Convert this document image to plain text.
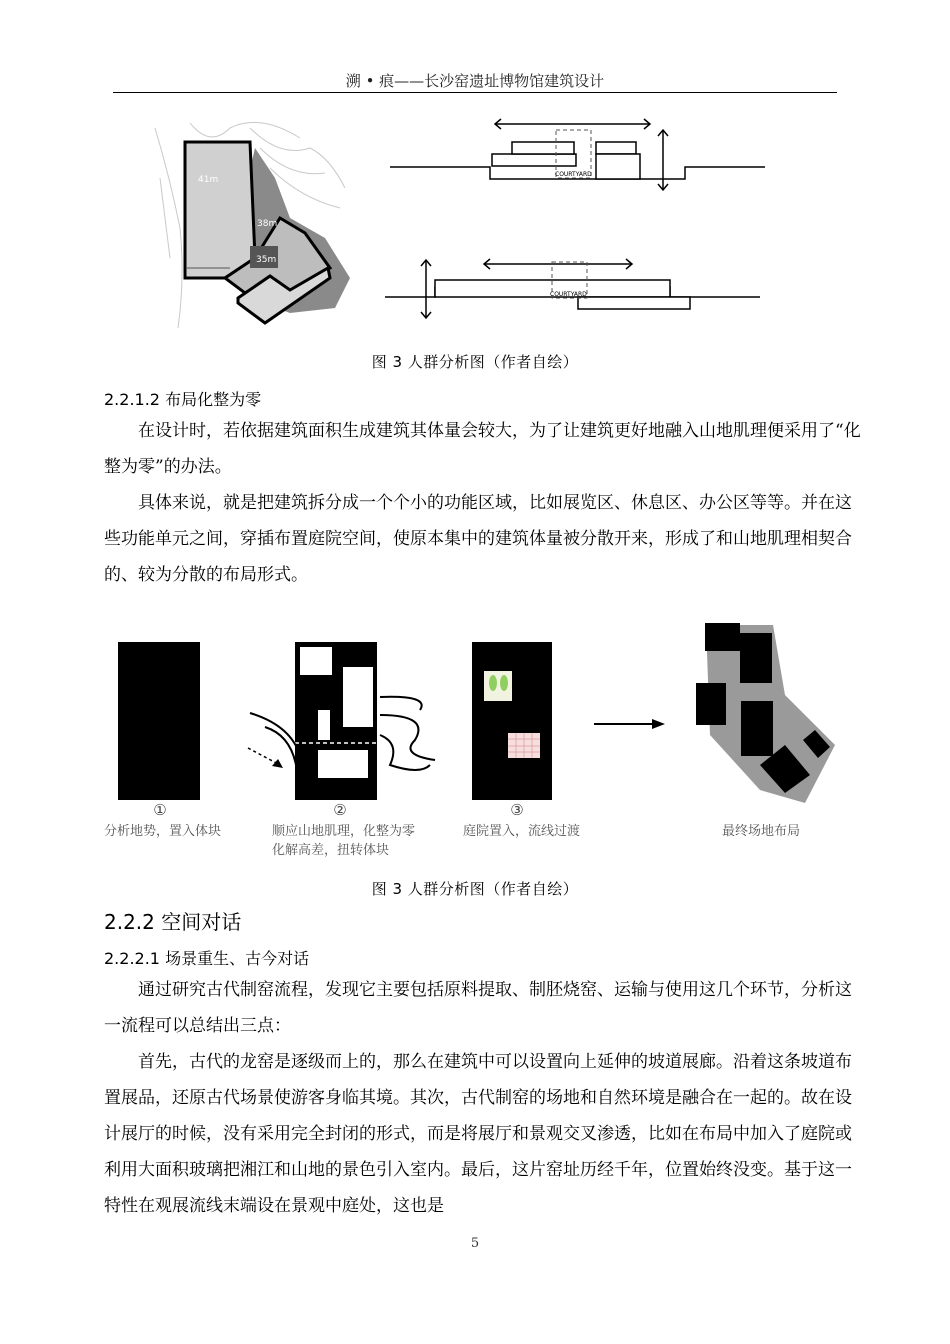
溯 • 痕——长沙窑遗址博物馆建筑设计
41m
38m
35m
COURTYARD
COURTYARD
图 3 人群分析图（作者自绘）
2.2.1.2 布局化整为零

在设计时，若依据建筑面积生成建筑其体量会较大，为了让建筑更好地融入山地肌理便采用了“化整为零”的办法。

具体来说，就是把建筑拆分成一个个小的功能区域，比如展览区、休息区、办公区等等。并在这些功能单元之间，穿插布置庭院空间，使原本集中的建筑体量被分散开来，形成了和山地肌理相契合的、较为分散的布局形式。

①	②	③
分析地势，置入体块	顺应山地肌理，化整为零
化解高差，扭转体块
庭院置入，流线过渡	最终场地布局
图 3 人群分析图（作者自绘）
2.2.2 空间对话
2.2.2.1 场景重生、古今对话

通过研究古代制窑流程，发现它主要包括原料提取、制胚烧窑、运输与使用这几个环节，分析这一流程可以总结出三点：

首先，古代的龙窑是逐级而上的，那么在建筑中可以设置向上延伸的坡道展廊。沿着这条坡道布置展品，还原古代场景使游客身临其境。其次，古代制窑的场地和自然环境是融合在一起的。故在设计展厅的时候，没有采用完全封闭的形式，而是将展厅和景观交叉渗透，比如在布局中加入了庭院或利用大面积玻璃把湘江和山地的景色引入室内。最后，这片窑址历经千年，位置始终没变。基于这一特性在观展流线末端设在景观中庭处，这也是

5
